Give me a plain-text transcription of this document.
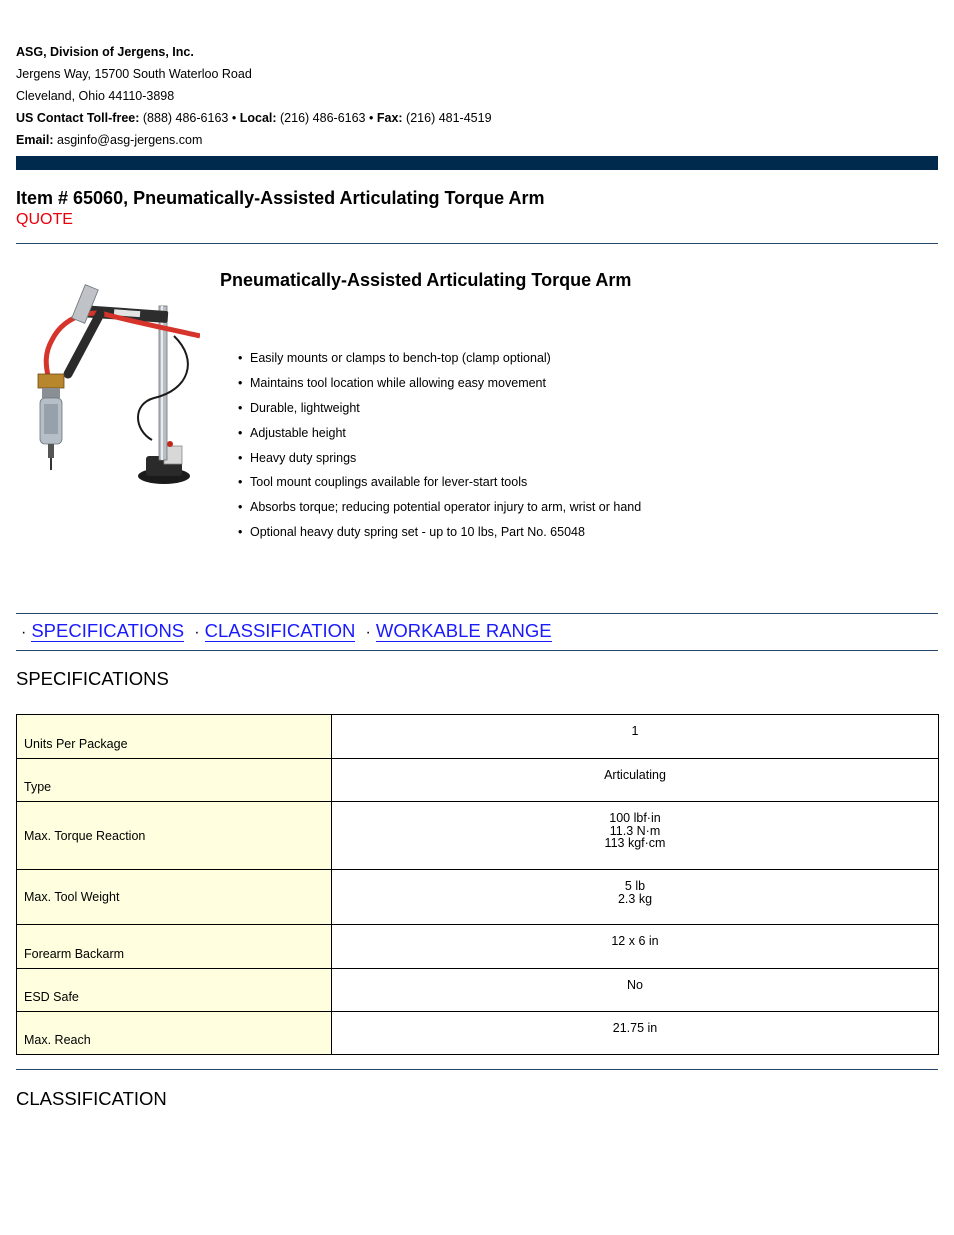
ASG, Division of Jergens, Inc.
Jergens Way, 15700 South Waterloo Road
Cleveland, Ohio 44110-3898
US Contact Toll-free: (888) 486-6163 • Local: (216) 486-6163 • Fax: (216) 481-4519
Email: asginfo@asg-jergens.com
Item # 65060, Pneumatically-Assisted Articulating Torque Arm
QUOTE
Pneumatically-Assisted Articulating Torque Arm
• Easily mounts or clamps to bench-top (clamp optional)
• Maintains tool location while allowing easy movement
• Durable, lightweight
• Adjustable height
• Heavy duty springs
• Tool mount couplings available for lever-start tools
• Absorbs torque; reducing potential operator injury to arm, wrist or hand
• Optional heavy duty spring set - up to 10 lbs, Part No. 65048
· SPECIFICATIONS · CLASSIFICATION · WORKABLE RANGE
SPECIFICATIONS
Units Per Package	1

Type	Articulating

Max. Torque Reaction	100 lbf·in
11.3 N·m
113 kgf·cm

Max. Tool Weight	5 lb
2.3 kg

Forearm Backarm	12 x 6 in

ESD Safe	No

Max. Reach	21.75 in
CLASSIFICATION
